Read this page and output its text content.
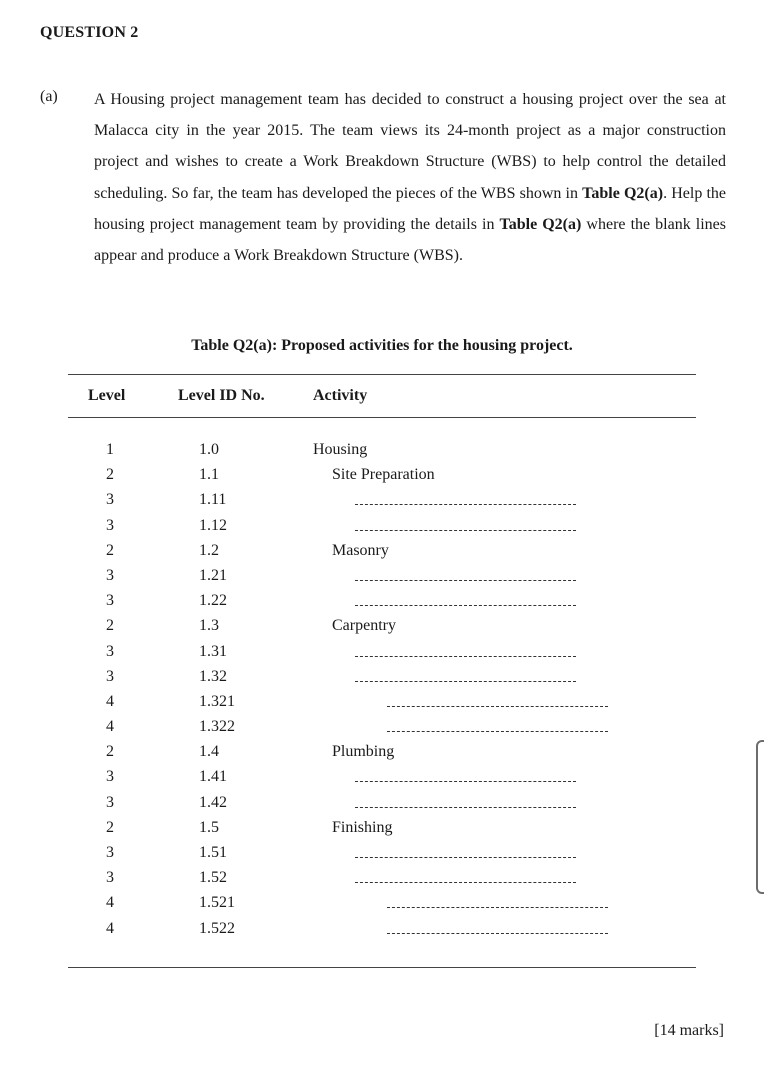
QUESTION 2
(a) A Housing project management team has decided to construct a housing project over the sea at Malacca city in the year 2015. The team views its 24-month project as a major construction project and wishes to create a Work Breakdown Structure (WBS) to help control the detailed scheduling. So far, the team has developed the pieces of the WBS shown in Table Q2(a). Help the housing project management team by providing the details in Table Q2(a) where the blank lines appear and produce a Work Breakdown Structure (WBS).

Table Q2(a): Proposed activities for the housing project.
Level	Level ID No.	Activity
1	1.0	Housing
2	1.1	Site Preparation
3	1.11
3	1.12
2	1.2	Masonry
3	1.21
3	1.22
2	1.3	Carpentry
3	1.31
3	1.32
4	1.321
4	1.322
2	1.4	Plumbing
3	1.41
3	1.42
2	1.5	Finishing
3	1.51
3	1.52
4	1.521
4	1.522
[14 marks]
